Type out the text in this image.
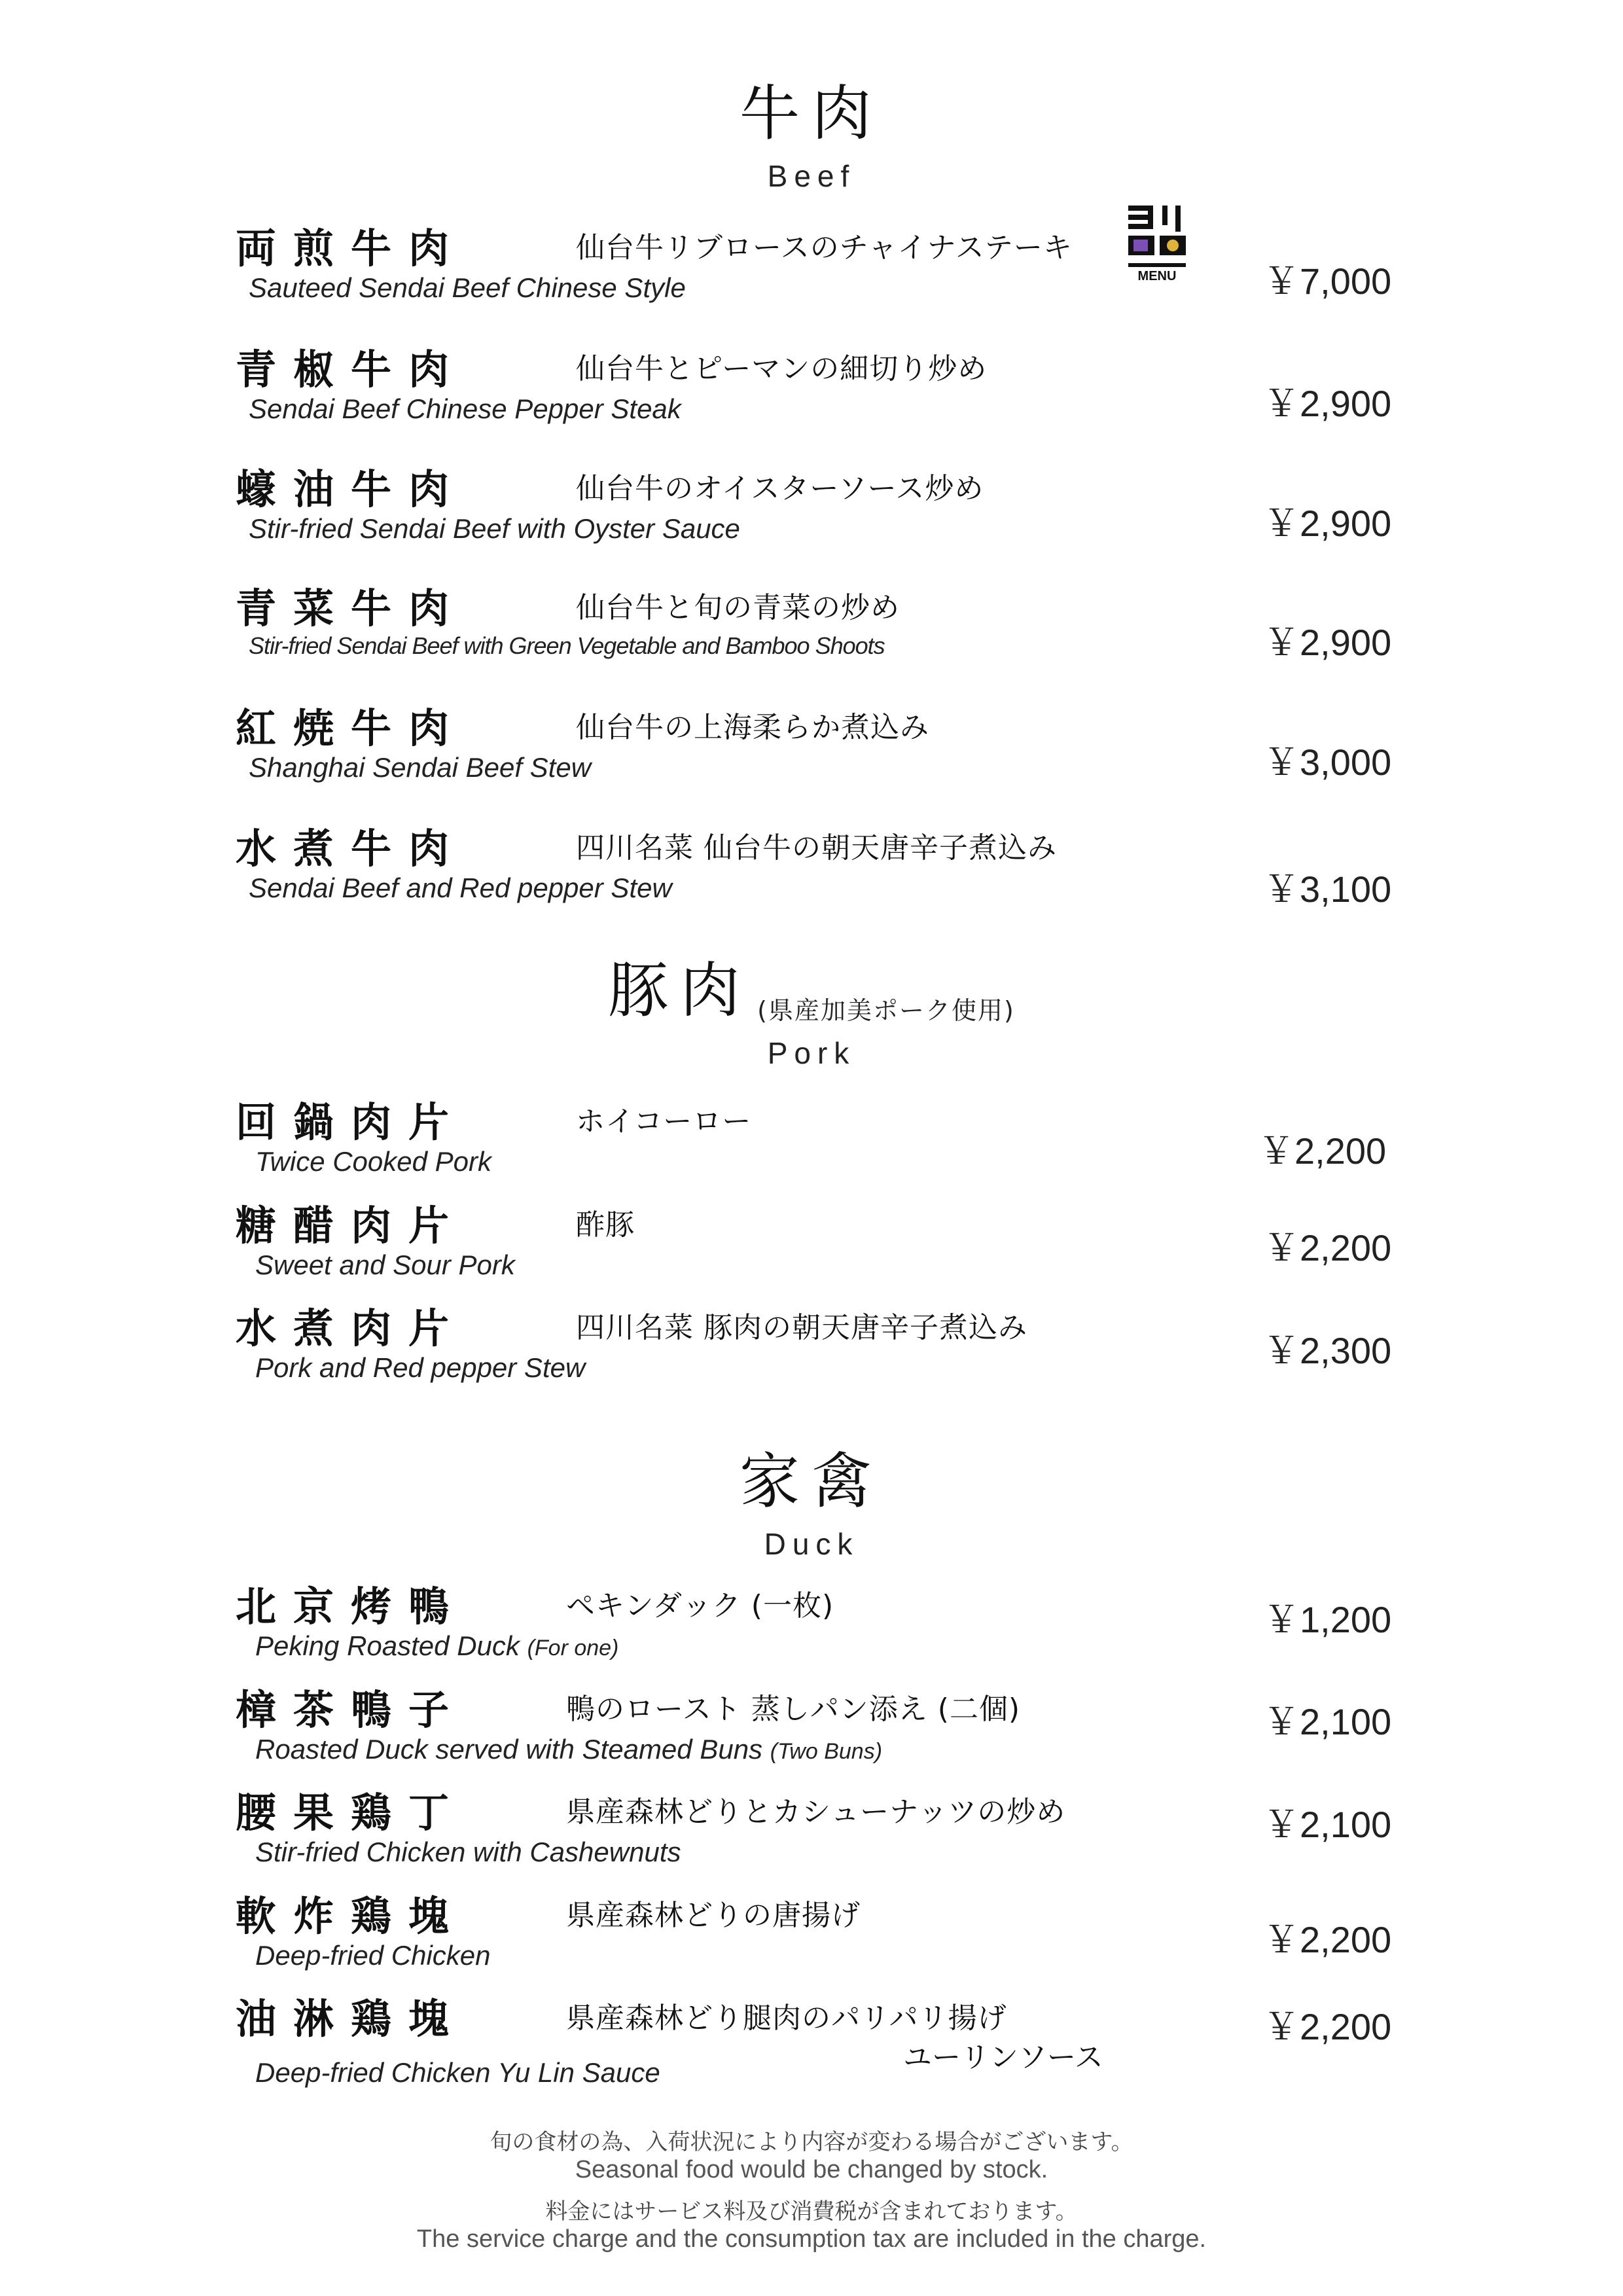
牛肉
Beef
MENU
両煎牛肉	仙台牛リブロースのチャイナステーキ
Sauteed Sendai Beef Chinese Style	￥7,000
青椒牛肉	仙台牛とピーマンの細切り炒め
Sendai Beef Chinese Pepper Steak	￥2,900
蠔油牛肉	仙台牛のオイスターソース炒め
Stir-fried Sendai Beef with Oyster Sauce	￥2,900
青菜牛肉	仙台牛と旬の青菜の炒め
Stir-fried Sendai Beef with Green Vegetable and Bamboo Shoots	￥2,900
紅焼牛肉	仙台牛の上海柔らか煮込み
Shanghai Sendai Beef Stew	￥3,000
水煮牛肉	四川名菜 仙台牛の朝天唐辛子煮込み
Sendai Beef and Red pepper Stew	￥3,100
豚肉 (県産加美ポーク使用)
Pork
回鍋肉片	ホイコーロー
Twice Cooked Pork	￥2,200
糖醋肉片	酢豚
Sweet and Sour Pork	￥2,200
水煮肉片	四川名菜 豚肉の朝天唐辛子煮込み
Pork and Red pepper Stew	￥2,300
家禽
Duck
北京烤鴨	ペキンダック (一枚)
Peking Roasted Duck (For one)
￥1,200
樟茶鴨子	鴨のロースト 蒸しパン添え (二個)
Roasted Duck served with Steamed Buns (Two Buns)
￥2,100
腰果鶏丁	県産森林どりとカシューナッツの炒め
Stir-fried Chicken with Cashewnuts
￥2,100
軟炸鶏塊	県産森林どりの唐揚げ
Deep-fried Chicken	￥2,200
油淋鶏塊	県産森林どり腿肉のパリパリ揚げ
ユーリンソース
Deep-fried Chicken Yu Lin Sauce
￥2,200
旬の食材の為、入荷状況により内容が変わる場合がございます。
Seasonal food would be changed by stock.
料金にはサービス料及び消費税が含まれております。
The service charge and the consumption tax are included in the charge.
